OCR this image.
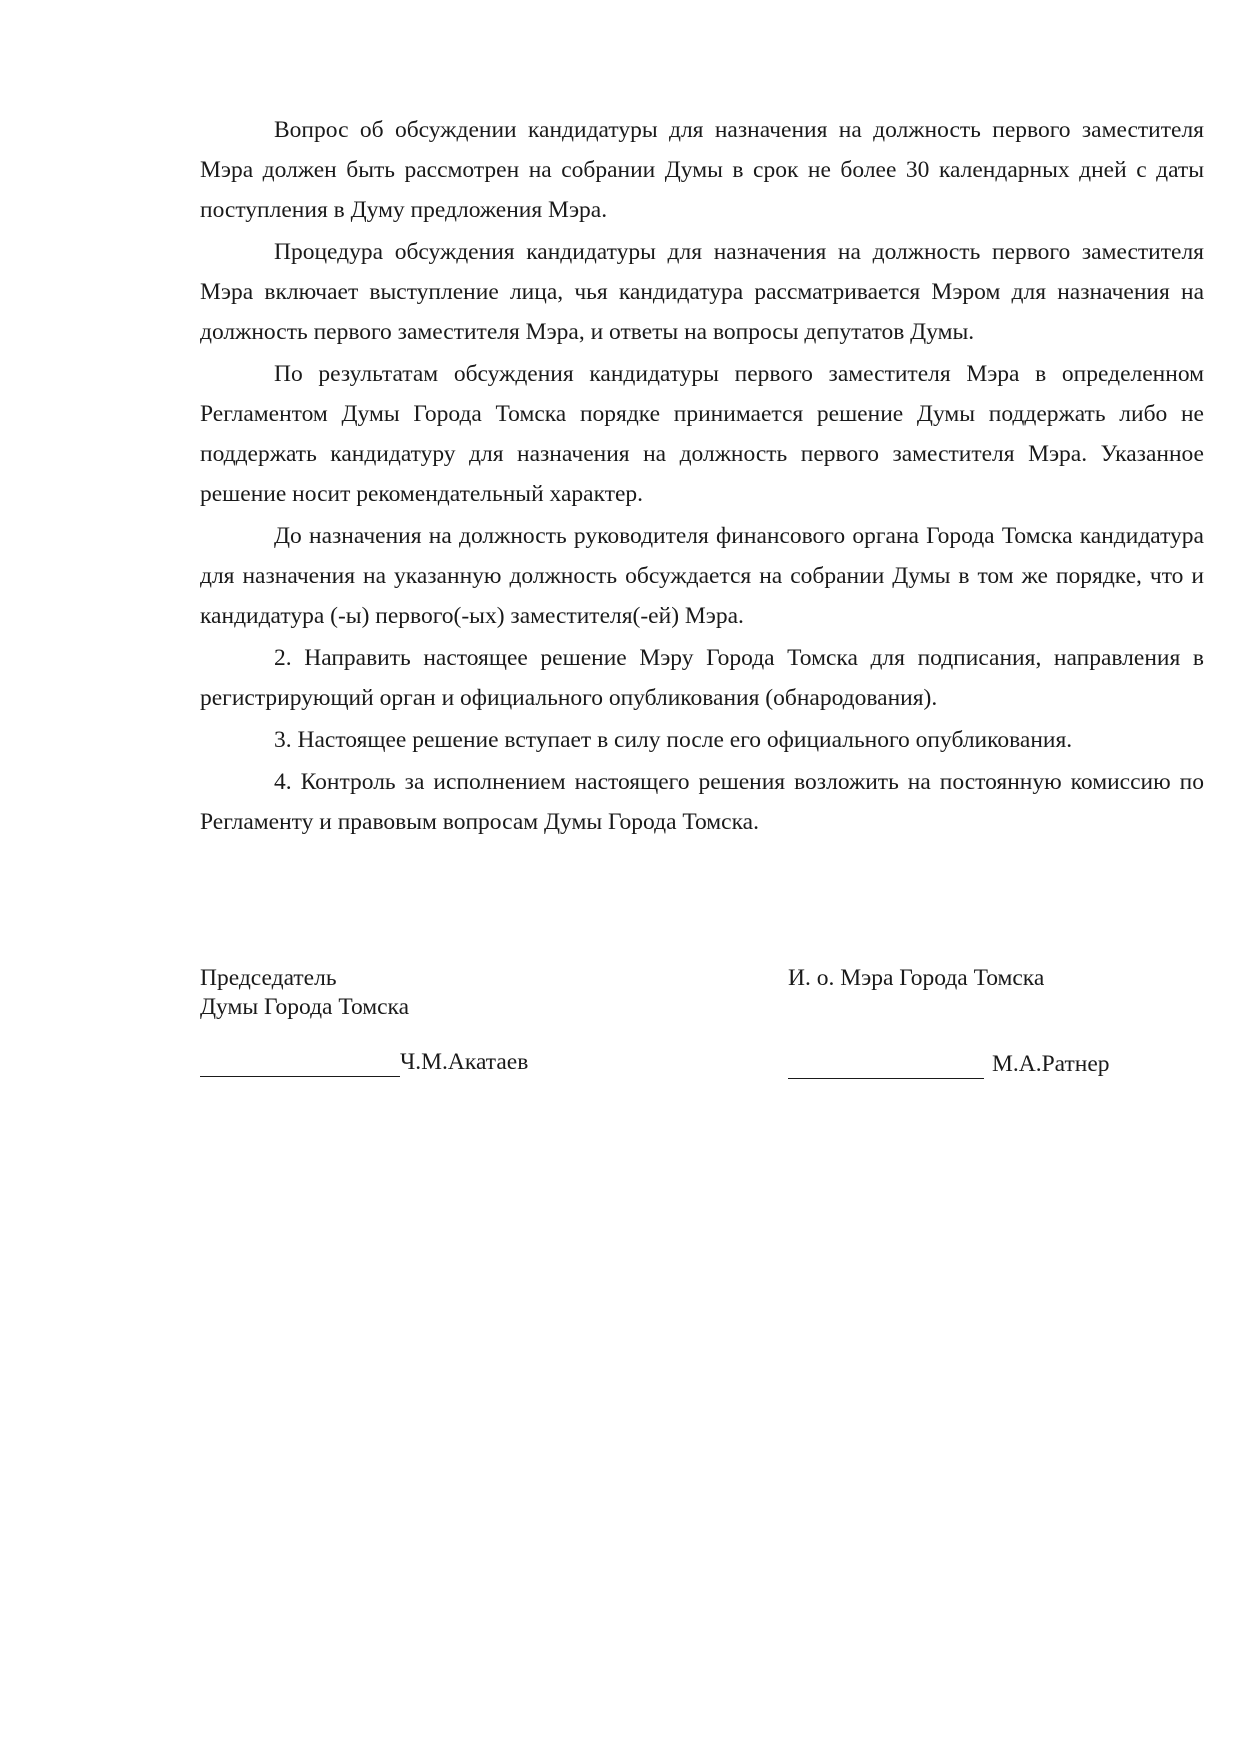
Вопрос об обсуждении кандидатуры для назначения на должность первого заместителя Мэра должен быть рассмотрен на собрании Думы в срок не более 30 календарных дней с даты поступления в Думу предложения Мэра.

Процедура обсуждения кандидатуры для назначения на должность первого заместителя Мэра включает выступление лица, чья кандидатура рассматривается Мэром для назначения на должность первого заместителя Мэра, и ответы на вопросы депутатов Думы.

По результатам обсуждения кандидатуры первого заместителя Мэра в определенном Регламентом Думы Города Томска порядке принимается решение Думы поддержать либо не поддержать кандидатуру для назначения на должность первого заместителя Мэра. Указанное решение носит рекомендательный характер.

До назначения на должность руководителя финансового органа Города Томска кандидатура для назначения на указанную должность обсуждается на собрании Думы в том же порядке, что и кандидатура (-ы) первого(-ых) заместителя(-ей) Мэра.

2. Направить настоящее решение Мэру Города Томска для подписания, направления в регистрирующий орган и официального опубликования (обнародования).

3. Настоящее решение вступает в силу после его официального опубликования.

4. Контроль за исполнением настоящего решения возложить на постоянную комиссию по Регламенту и правовым вопросам Думы Города Томска.

Председатель

Думы Города Томска

Ч.М.Акатаев

И. о. Мэра Города Томска

М.А.Ратнер
